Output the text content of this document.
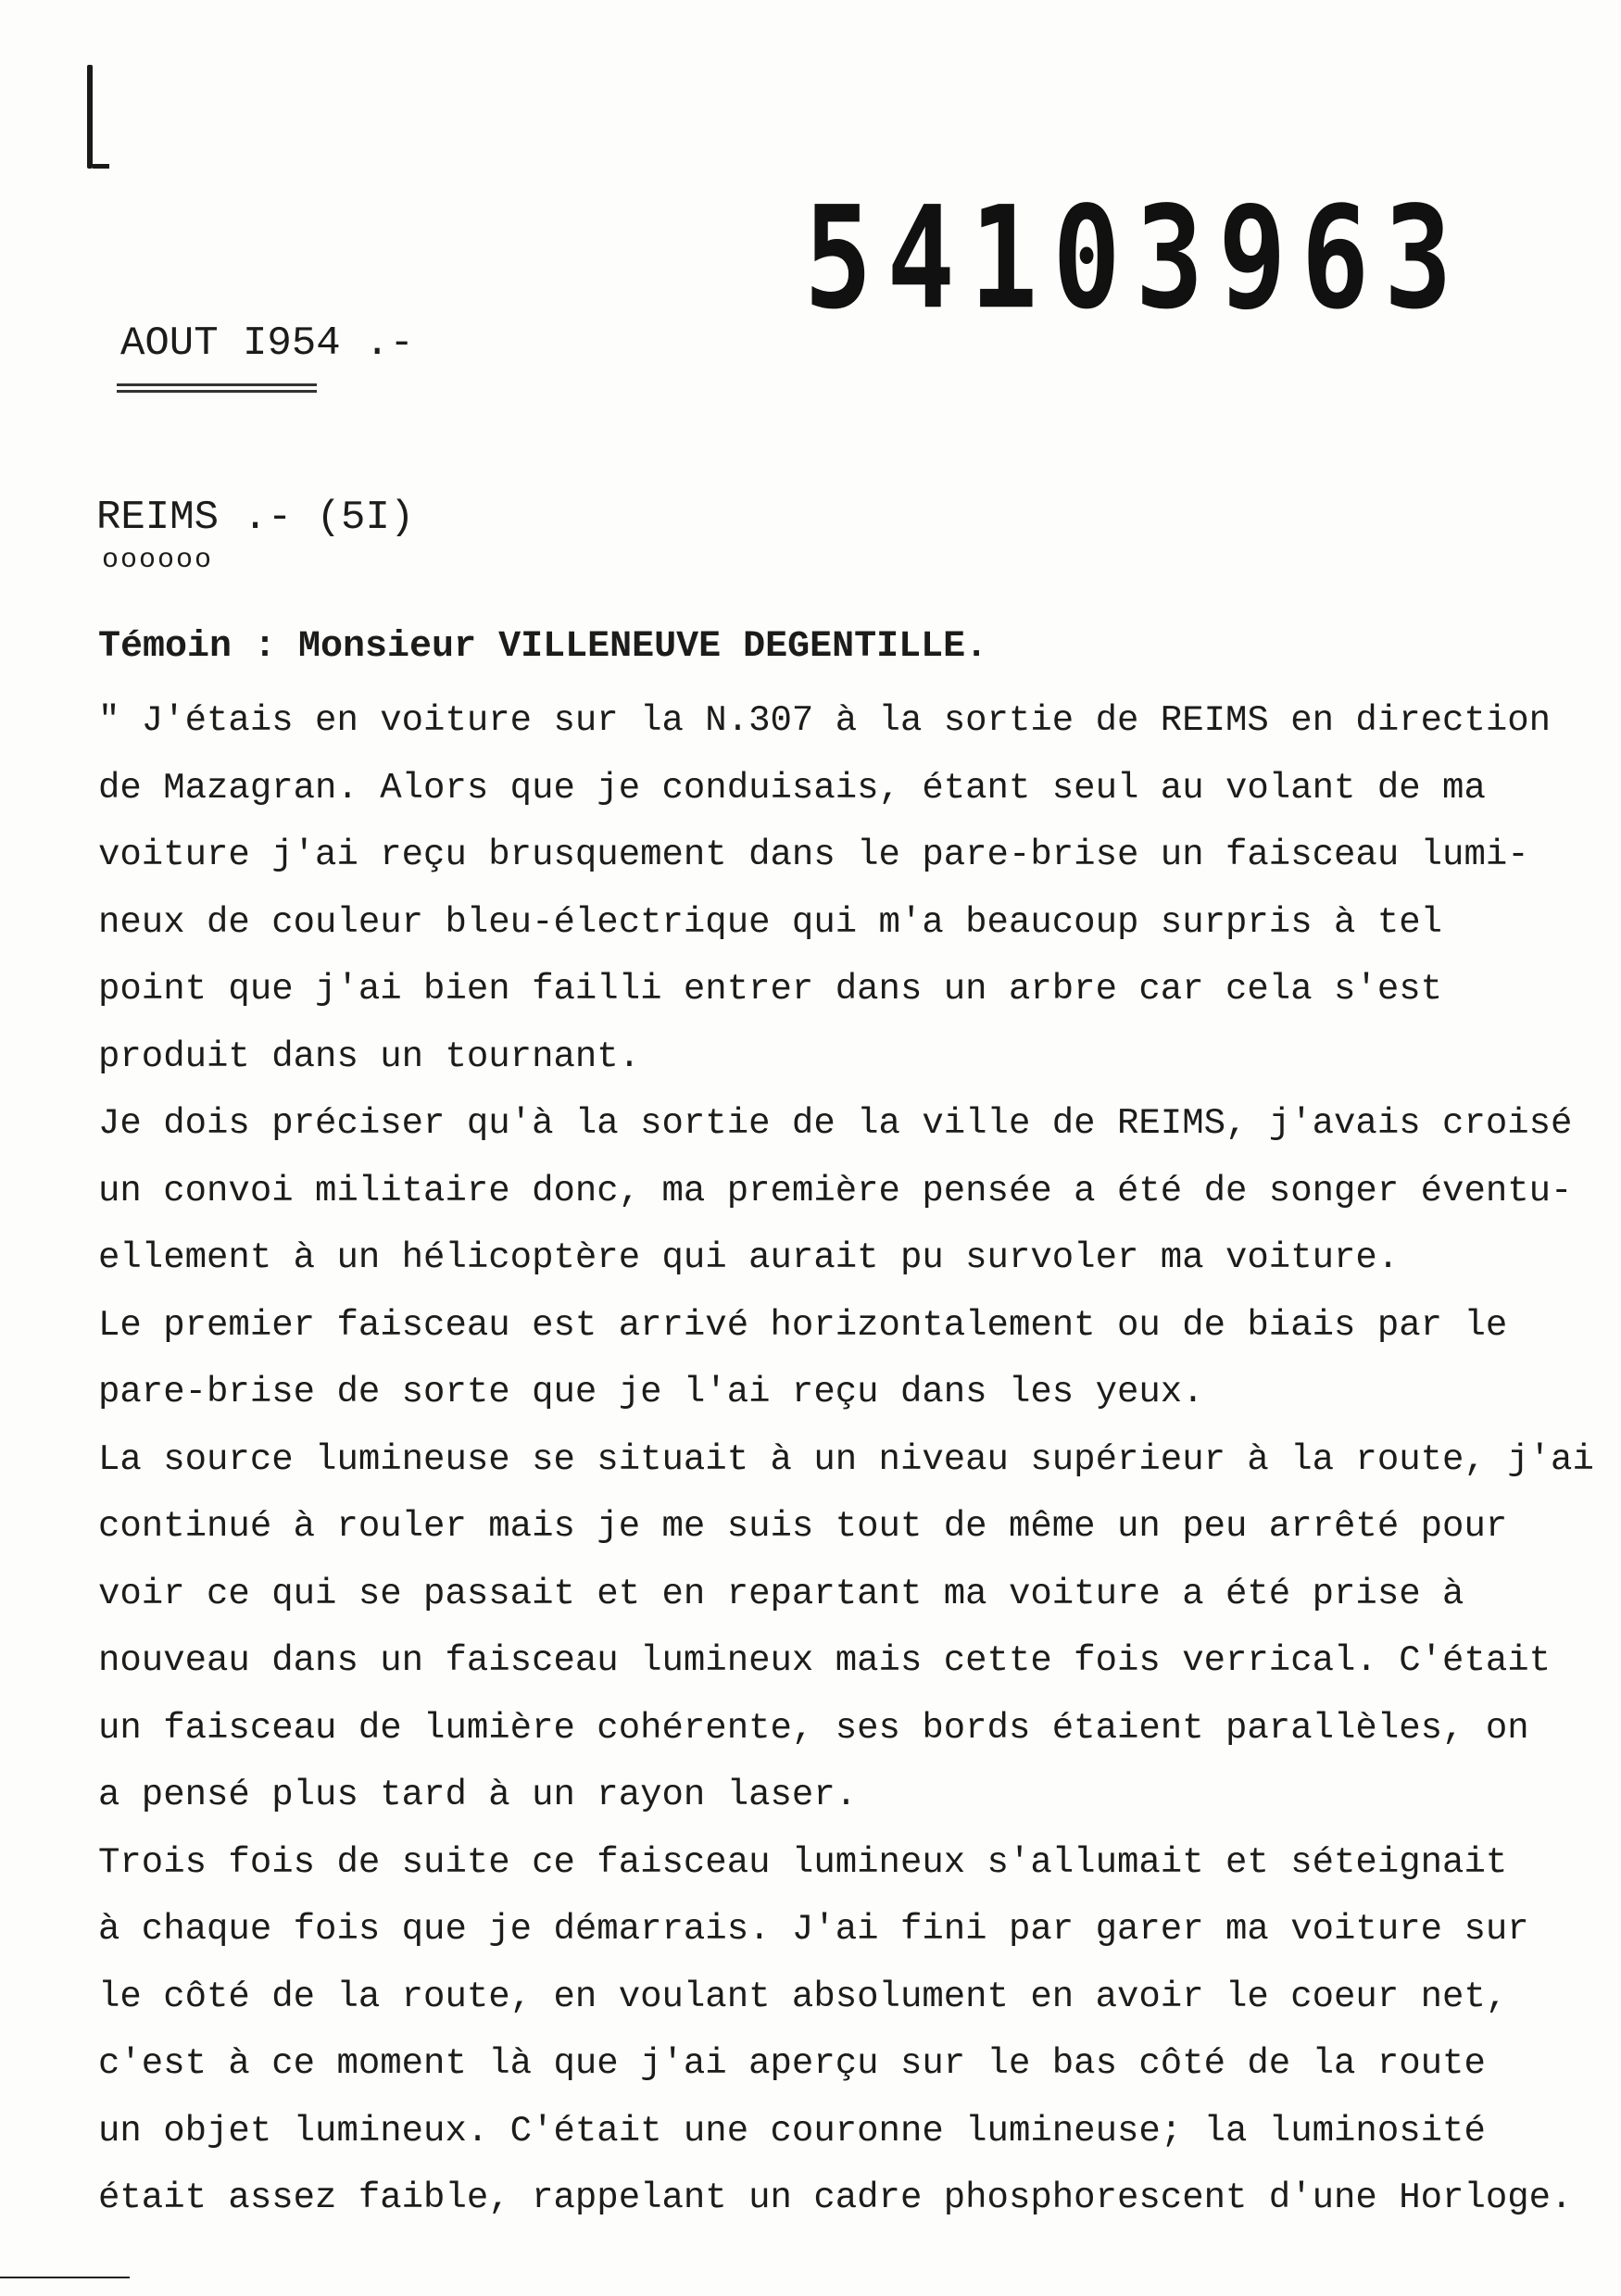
54103963
AOUT I954 .-
REIMS .- (5I)
oooooo
Témoin : Monsieur VILLENEUVE DEGENTILLE.
" J'étais en voiture sur la N.307 à la sortie de REIMS en direction
de Mazagran. Alors que je conduisais, étant seul au volant de ma
voiture j'ai reçu brusquement dans le pare-brise un faisceau lumi-
neux de couleur bleu-électrique qui m'a beaucoup surpris à tel
point que j'ai bien failli entrer dans un arbre car cela s'est
produit dans un tournant.
Je dois préciser qu'à la sortie de la ville de REIMS, j'avais croisé
un convoi militaire donc, ma première pensée a été de songer éventu-
ellement à un hélicoptère qui aurait pu survoler ma voiture.
Le premier faisceau est arrivé horizontalement ou de biais par le
pare-brise de sorte que je l'ai reçu dans les yeux.
La source lumineuse se situait à un niveau supérieur à la route, j'ai
continué à rouler mais je me suis tout de même un peu arrêté pour
voir ce qui se passait et en repartant ma voiture a été prise à
nouveau dans un faisceau lumineux mais cette fois verrical. C'était
un faisceau de lumière cohérente, ses bords étaient parallèles, on
a pensé plus tard à un rayon laser.
Trois fois de suite ce faisceau lumineux s'allumait et séteignait
à chaque fois que je démarrais. J'ai fini par garer ma voiture sur
le côté de la route, en voulant absolument en avoir le coeur net,
c'est à ce moment là que j'ai aperçu sur le bas côté de la route
un objet lumineux. C'était une couronne lumineuse; la luminosité
était assez faible, rappelant un cadre phosphorescent d'une Horloge.
